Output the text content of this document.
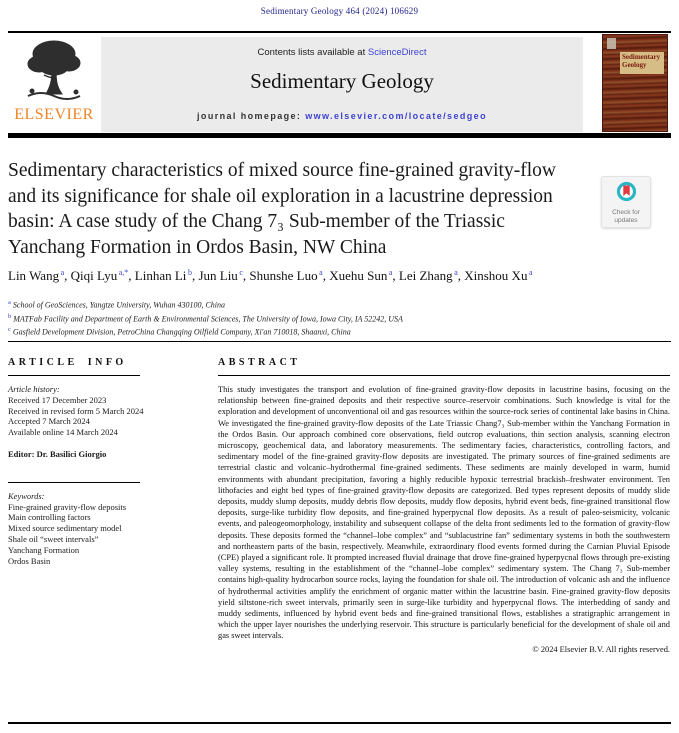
Sedimentary Geology 464 (2024) 106629
ELSEVIER
Contents lists available at ScienceDirect
Sedimentary Geology
journal homepage: www.elsevier.com/locate/sedgeo
Sedimentary Geology
Sedimentary characteristics of mixed source fine-grained gravity-flow and its significance for shale oil exploration in a lacustrine depression basin: A case study of the Chang 7₃ Sub-member of the Triassic Yanchang Formation in Ordos Basin, NW China
Check for updates
Lin Wang $^a$, Qiqi Lyu $^{a,*}$, Linhan Li $^b$, Jun Liu $^c$, Shunshe Luo $^a$, Xuehu Sun $^a$, Lei Zhang $^a$, Xinshou Xu $^a$
$^a$ School of GeoSciences, Yangtze University, Wuhan 430100, China
$^b$ MATFab Facility and Department of Earth & Environmental Sciences, The University of Iowa, Iowa City, IA 52242, USA
$^c$ Gasfield Development Division, PetroChina Changqing Oilfield Company, Xi'an 710018, Shaanxi, China
ARTICLE INFO
Article history:
Received 17 December 2023
Received in revised form 5 March 2024
Accepted 7 March 2024
Available online 14 March 2024
Editor: Dr. Basilici Giorgio
Keywords:
Fine-grained gravity-flow deposits
Main controlling factors
Mixed source sedimentary model
Shale oil “sweet intervals”
Yanchang Formation
Ordos Basin
ABSTRACT
This study investigates the transport and evolution of fine-grained gravity-flow deposits in lacustrine basins, focusing on the relationship between fine-grained deposits and their respective source–reservoir combinations. Such knowledge is vital for the exploration and development of unconventional oil and gas resources within the source-rock series of continental lake basins in China. We investigated the fine-grained gravity-flow deposits of the Late Triassic Chang7₃ Sub-member within the Yanchang Formation in the Ordos Basin. Our approach combined core observations, field outcrop evaluations, thin section analysis, scanning electron microscopy, geochemical data, and laboratory measurements. The sedimentary facies, characteristics, controlling factors, and sedimentary model of the fine-grained gravity-flow deposits are investigated. The primary sources of fine-grained sediments are terrestrial clastic and volcanic–hydrothermal fine-grained sediments. These sediments are mainly developed in warm, humid environments with abundant precipitation, favoring a highly reducible hypoxic terrestrial brackish–freshwater environment. Ten lithofacies and eight bed types of fine-grained gravity-flow deposits are categorized. Bed types represent deposits of muddy slide deposits, muddy slump deposits, muddy debris flow deposits, muddy flow deposits, hybrid event beds, fine-grained transitional flow deposits, surge-like turbidity flow deposits, and fine-grained hyperpycnal flow deposits. As a result of paleo-seismicity, volcanic events, and paleogeomorphology, instability and subsequent collapse of the delta front sediments led to the formation of gravity-flow deposits. These deposits formed the “channel–lobe complex” and “sublacustrine fan” sedimentary systems in both the southwestern and northeastern parts of the basin, respectively. Meanwhile, extraordinary flood events formed during the Carnian Pluvial Episode (CPE) played a significant role. It prompted increased fluvial drainage that drove fine-grained hyperpycnal flows through pre-existing valley systems, resulting in the establishment of the “channel–lobe complex” sedimentary system. The Chang 7₃ Sub-member contains high-quality hydrocarbon source rocks, laying the foundation for shale oil. The introduction of volcanic ash and the influence of hydrothermal activities amplify the enrichment of organic matter within the lacustrine basin. Fine-grained gravity-flow deposits yield siltstone-rich sweet intervals, primarily seen in surge-like turbidity and hyperpycnal flows. The interbedding of sandy and muddy sediments, influenced by hybrid event beds and fine-grained transitional flows, establishes a stratigraphic arrangement in which the upper layer nourishes the underlying reservoir. This structure is particularly beneficial for the development of shale oil and gas sweet intervals.
© 2024 Elsevier B.V. All rights reserved.
